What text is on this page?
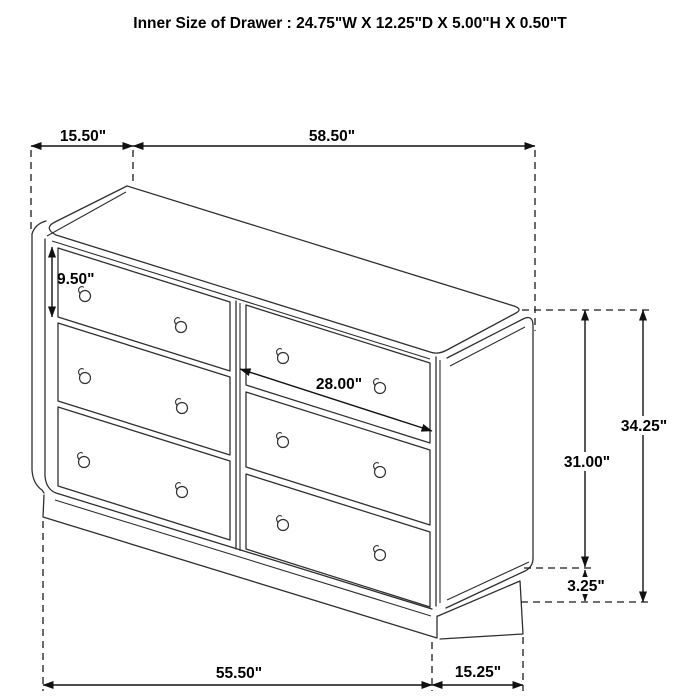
15.50"	58.50"
9.50"
28.00"
34.25"
31.00"
3.25"
55.50"	15.25"
Inner Size of Drawer : 24.75"W X 12.25"D X 5.00"H X 0.50"T
